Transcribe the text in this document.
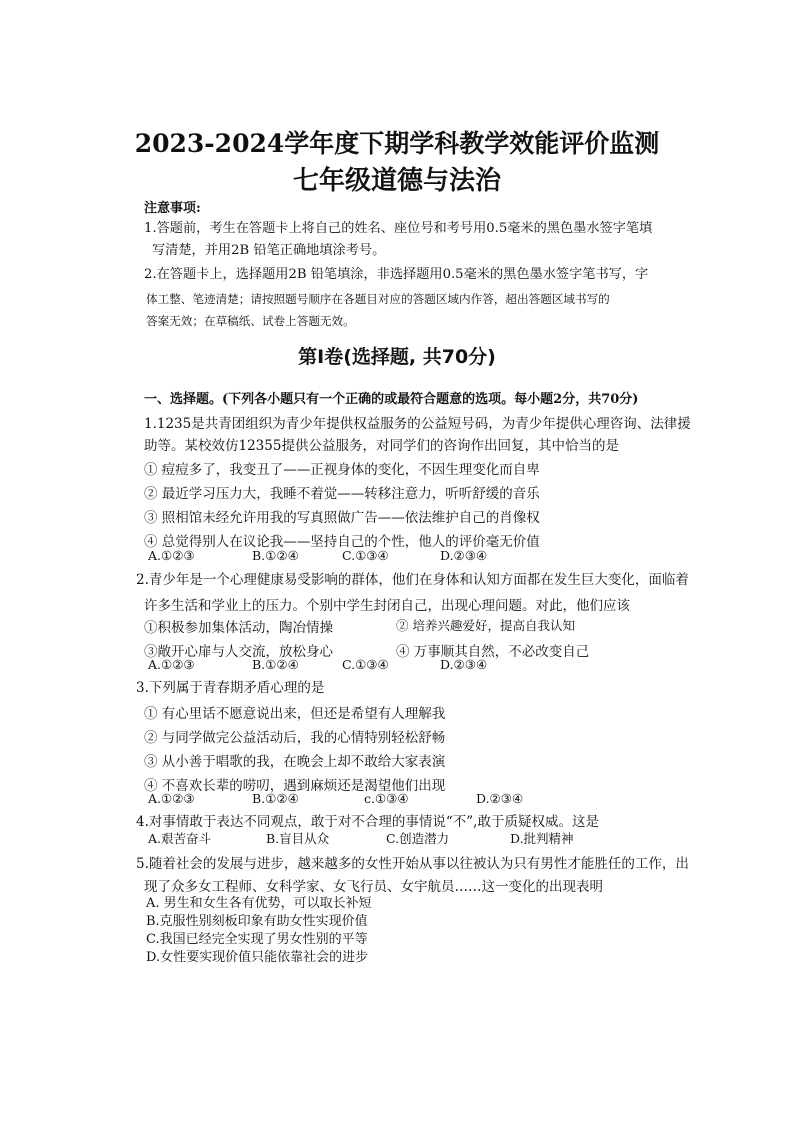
2023-2024学年度下期学科教学效能评价监测
七年级道德与法治
注意事项:
1.答题前，考生在答题卡上将自己的姓名、座位号和考号用0.5毫米的黑色墨水签字笔填
写清楚，并用2B 铅笔正确地填涂考号。
2.在答题卡上，选择题用2B 铅笔填涂，非选择题用0.5毫米的黑色墨水签字笔书写，字
体工整、笔迹清楚；请按照题号顺序在各题目对应的答题区域内作答，超出答题区域书写的
答案无效；在草稿纸、试卷上答题无效。
第Ⅰ卷(选择题, 共70分)
一、选择题。(下列各小题只有一个正确的或最符合题意的选项。每小题2分，共70分)
1.1235是共青团组织为青少年提供权益服务的公益短号码，为青少年提供心理咨询、法律援
助等。某校效仿12355提供公益服务，对同学们的咨询作出回复，其中恰当的是
① 痘痘多了，我变丑了——正视身体的变化，不因生理变化而自卑
② 最近学习压力大，我睡不着觉——转移注意力，听听舒缓的音乐
③ 照相馆未经允许用我的写真照做广告——依法维护自己的肖像权
④ 总觉得别人在议论我——坚持自己的个性，他人的评价毫无价值
A.①②③	B.①②④	C.①③④	D.②③④
2.青少年是一个心理健康易受影响的群体，他们在身体和认知方面都在发生巨大变化，面临着
许多生活和学业上的压力。个别中学生封闭自己，出现心理问题。对此，他们应该
①积极参加集体活动，陶冶情操	② 培养兴趣爱好，提高自我认知
③敞开心扉与人交流，放松身心	④ 万事顺其自然，不必改变自己
A.①②③	B.①②④	C.①③④	D.②③④
3.下列属于青春期矛盾心理的是
① 有心里话不愿意说出来，但还是希望有人理解我
② 与同学做完公益活动后，我的心情特别轻松舒畅
③ 从小善于唱歌的我，在晚会上却不敢给大家表演
④ 不喜欢长辈的唠叨，遇到麻烦还是渴望他们出现
A.①②③	B.①②④	c.①③④	D.②③④
4.对事情敢于表达不同观点，敢于对不合理的事情说“不”,敢于质疑权威。这是
A.艰苦奋斗	B.盲目从众	C.创造潜力	D.批判精神
5.随着社会的发展与进步，越来越多的女性开始从事以往被认为只有男性才能胜任的工作，出
现了众多女工程师、女科学家、女飞行员、女宇航员……这一变化的出现表明
A. 男生和女生各有优势，可以取长补短
B.克服性别刻板印象有助女性实现价值
C.我国已经完全实现了男女性别的平等
D.女性要实现价值只能依靠社会的进步
